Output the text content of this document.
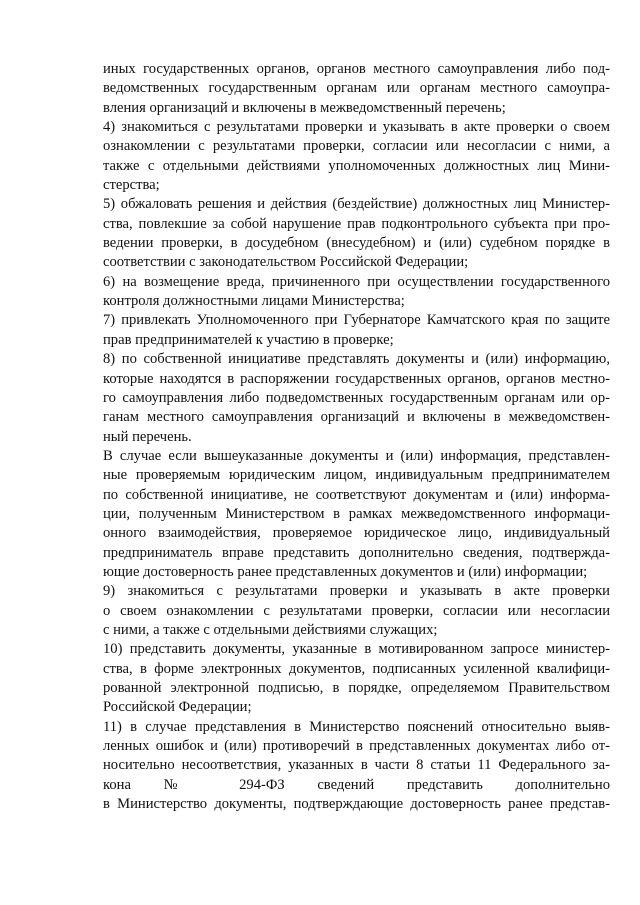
иных государственных органов, органов местного самоуправления либо под-
ведомственных государственным органам или органам местного самоупра-
вления организаций и включены в межведомственный перечень;
4) знакомиться с результатами проверки и указывать в акте проверки о своем
ознакомлении с результатами проверки, согласии или несогласии с ними, а
также с отдельными действиями уполномоченных должностных лиц Мини-
стерства;
5) обжаловать решения и действия (бездействие) должностных лиц Министер-
ства, повлекшие за собой нарушение прав подконтрольного субъекта при про-
ведении проверки, в досудебном (внесудебном) и (или) судебном порядке в
соответствии с законодательством Российской Федерации;
6) на возмещение вреда, причиненного при осуществлении государственного
контроля должностными лицами Министерства;
7) привлекать Уполномоченного при Губернаторе Камчатского края по защите
прав предпринимателей к участию в проверке;
8) по собственной инициативе представлять документы и (или) информацию,
которые находятся в распоряжении государственных органов, органов местно-
го самоуправления либо подведомственных государственным органам или ор-
ганам местного самоуправления организаций и включены в межведомствен-
ный перечень.
В случае если вышеуказанные документы и (или) информация, представлен-
ные проверяемым юридическим лицом, индивидуальным предпринимателем
по собственной инициативе, не соответствуют документам и (или) информа-
ции, полученным Министерством в рамках межведомственного информаци-
онного взаимодействия, проверяемое юридическое лицо, индивидуальный
предприниматель вправе представить дополнительно сведения, подтвержда-
ющие достоверность ранее представленных документов и (или) информации;
9) знакомиться с результатами проверки и указывать в акте проверки
о своем ознакомлении с результатами проверки, согласии или несогласии
с ними, а также с отдельными действиями служащих;
10) представить документы, указанные в мотивированном запросе министер-
ства, в форме электронных документов, подписанных усиленной квалифици-
рованной электронной подписью, в порядке, определяемом Правительством
Российской Федерации;
11) в случае представления в Министерство пояснений относительно выяв-
ленных ошибок и (или) противоречий в представленных документах либо от-
носительно несоответствия, указанных в части 8 статьи 11 Федерального за-
кона № 294-ФЗ сведений представить дополнительно
в Министерство документы, подтверждающие достоверность ранее представ-
